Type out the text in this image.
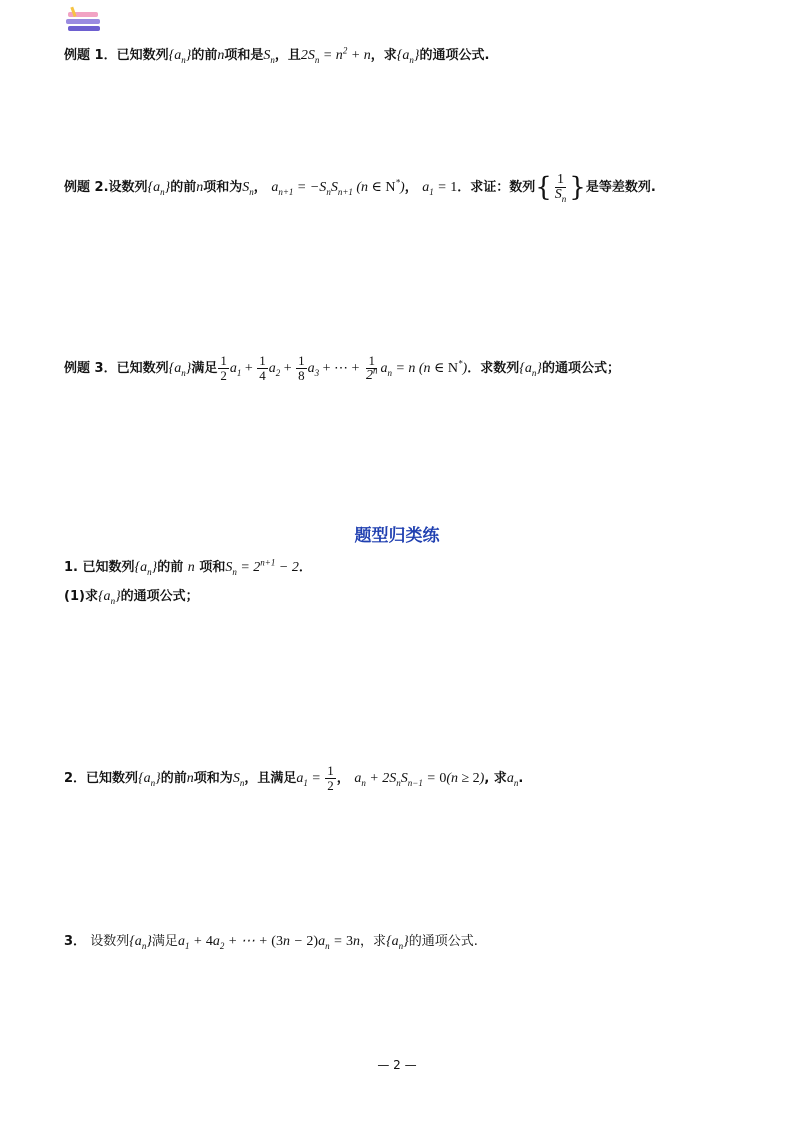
例题 1．已知数列$\{a_n\}$的前n项和是$S_n$，且$2S_n = n^2 + n$，求$\{a_n\}$的通项公式.
例题 2.设数列$\{a_n\}$的前n项和为$S_n$， $a_{n+1} = -S_nS_{n+1}$ (n ∈ N*)， $a_1 = 1$．求证：数列{ $\frac{1}{S_n}$ }是等差数列.
例题 3．已知数列$\{a_n\}$满足 $\frac{1}{2} a_1 + \frac{1}{4} a_2 + \frac{1}{8} a_3$ + ⋯ + $\frac{1}{2^n} a_n = n$ (n ∈ N*)．求数列$\{a_n\}$的通项公式；
题型归类练
1. 已知数列$\{a_n\}$的前 n 项和$S_n = 2^{n+1} - 2$．
(1)求$\{a_n\}$的通项公式；
2．已知数列$\{a_n\}$的前n项和为$S_n$，且满足$a_1 = \frac{1}{2}$ ， $a_n + 2S_nS_{n-1} = 0(n \ge 2)$, 求$a_n$.
3． 设数列$\{a_n\}$满足$a_1 + 4a_2$ + ⋯ + $(3n - 2)a_n = 3n$，求$\{a_n\}$的通项公式.
— 2 —
